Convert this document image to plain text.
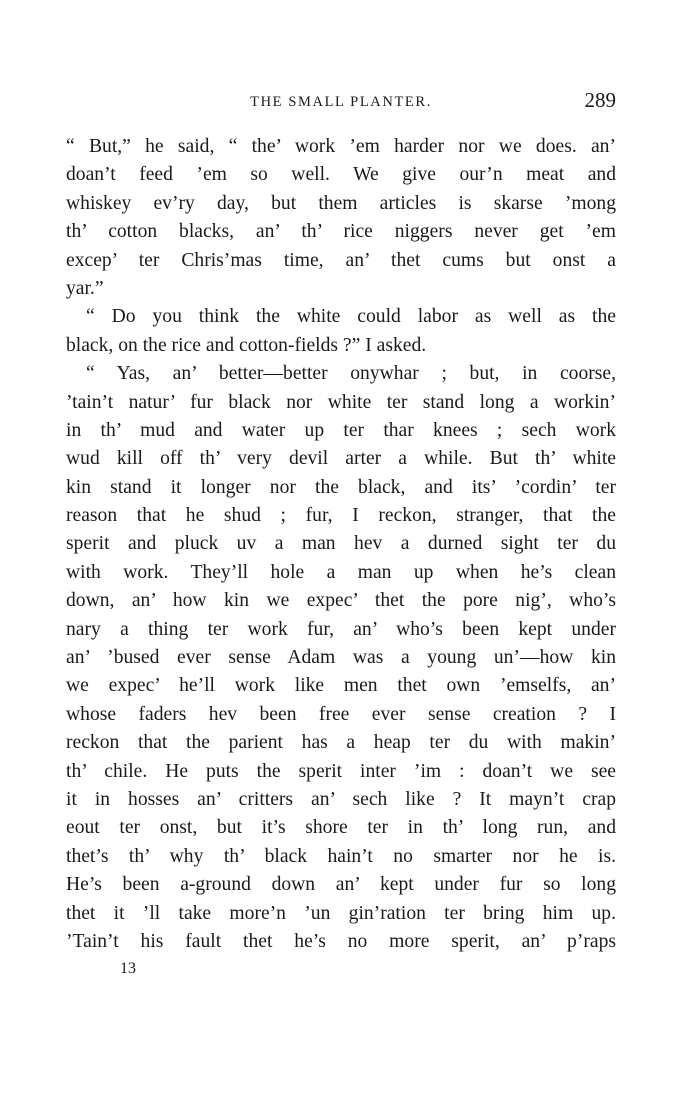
THE SMALL PLANTER.	289
“ But,” he said, “ the’ work ’em harder nor we does. an’
doan’t feed ’em so well. We give our’n meat and
whiskey ev’ry day, but them articles is skarse ’mong
th’ cotton blacks, an’ th’ rice niggers never get ’em
excep’ ter Chris’mas time, an’ thet cums but onst a
yar.”
“ Do you think the white could labor as well as the
black, on the rice and cotton-fields ?” I asked.
“ Yas, an’ better—better onywhar ; but, in coorse,
’tain’t natur’ fur black nor white ter stand long a workin’
in th’ mud and water up ter thar knees ; sech work
wud kill off th’ very devil arter a while. But th’ white
kin stand it longer nor the black, and its’ ’cordin’ ter
reason that he shud ; fur, I reckon, stranger, that the
sperit and pluck uv a man hev a durned sight ter du
with work. They’ll hole a man up when he’s clean
down, an’ how kin we expec’ thet the pore nig’, who’s
nary a thing ter work fur, an’ who’s been kept under
an’ ’bused ever sense Adam was a young un’—how kin
we expec’ he’ll work like men thet own ’emselfs, an’
whose faders hev been free ever sense creation ? I
reckon that the parient has a heap ter du with makin’
th’ chile. He puts the sperit inter ’im : doan’t we see
it in hosses an’ critters an’ sech like ? It mayn’t crap
eout ter onst, but it’s shore ter in th’ long run, and
thet’s th’ why th’ black hain’t no smarter nor he is.
He’s been a-ground down an’ kept under fur so long
thet it ’ll take more’n ’un gin’ration ter bring him up.
’Tain’t his fault thet he’s no more sperit, an’ p’raps
13
